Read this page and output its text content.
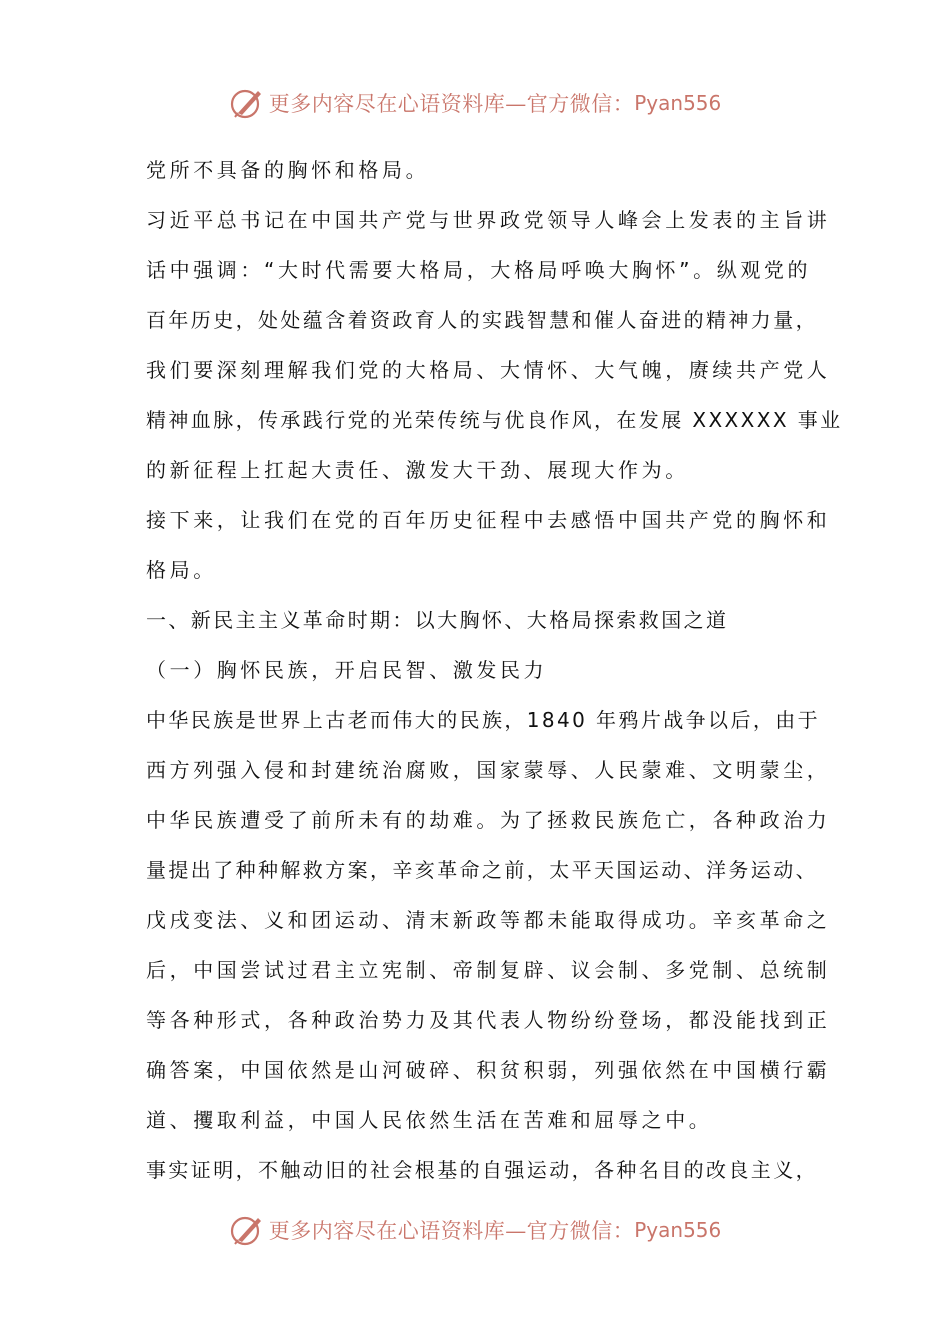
更多内容尽在心语资料库—官方微信： Pyan556
党所不具备的胸怀和格局。
习近平总书记在中国共产党与世界政党领导人峰会上发表的主旨讲
话中强调：“大时代需要大格局，大格局呼唤大胸怀”。纵观党的
百年历史，处处蕴含着资政育人的实践智慧和催人奋进的精神力量，
我们要深刻理解我们党的大格局、大情怀、大气魄，赓续共产党人
精神血脉，传承践行党的光荣传统与优良作风，在发展 XXXXXX 事业
的新征程上扛起大责任、激发大干劲、展现大作为。
接下来，让我们在党的百年历史征程中去感悟中国共产党的胸怀和
格局。
一、新民主主义革命时期：以大胸怀、大格局探索救国之道
（一）胸怀民族，开启民智、激发民力
中华民族是世界上古老而伟大的民族，1840 年鸦片战争以后，由于
西方列强入侵和封建统治腐败，国家蒙辱、人民蒙难、文明蒙尘，
中华民族遭受了前所未有的劫难。为了拯救民族危亡，各种政治力
量提出了种种解救方案，辛亥革命之前，太平天国运动、洋务运动、
戊戌变法、义和团运动、清末新政等都未能取得成功。辛亥革命之
后，中国尝试过君主立宪制、帝制复辟、议会制、多党制、总统制
等各种形式，各种政治势力及其代表人物纷纷登场，都没能找到正
确答案，中国依然是山河破碎、积贫积弱，列强依然在中国横行霸
道、攫取利益，中国人民依然生活在苦难和屈辱之中。
事实证明，不触动旧的社会根基的自强运动，各种名目的改良主义，
更多内容尽在心语资料库—官方微信： Pyan556
